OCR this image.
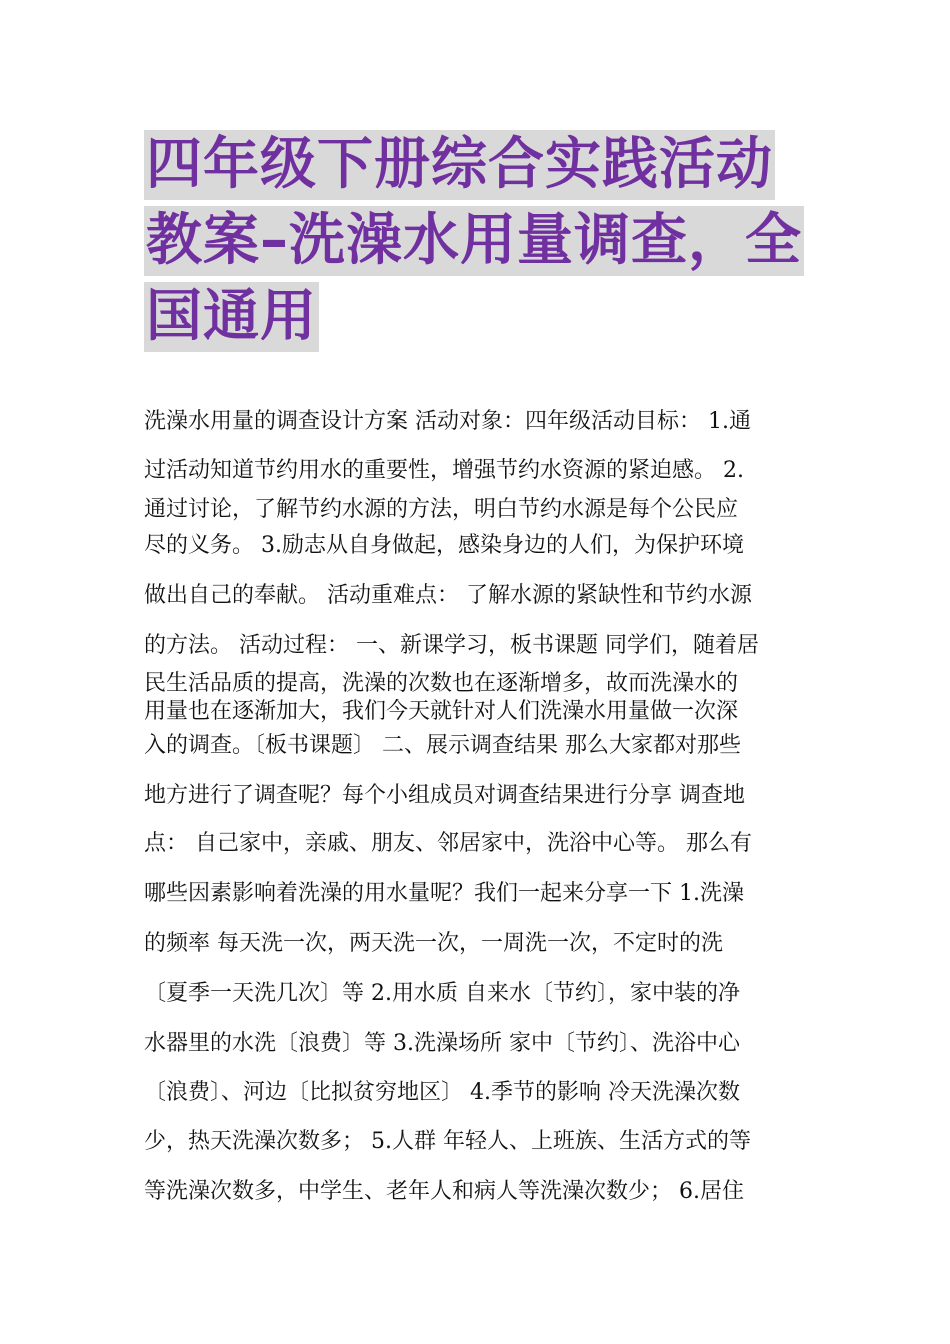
四年级下册综合实践活动
教案–洗澡水用量调查，全
国通用
洗澡水用量的调查设计方案 活动对象：四年级活动目标： 1.通
过活动知道节约用水的重要性，增强节约水资源的紧迫感。 2.
通过讨论，了解节约水源的方法，明白节约水源是每个公民应
尽的义务。 3.励志从自身做起，感染身边的人们，为保护环境
做出自己的奉献。 活动重难点： 了解水源的紧缺性和节约水源
的方法。 活动过程： 一、新课学习，板书课题 同学们，随着居
民生活品质的提高，洗澡的次数也在逐渐增多，故而洗澡水的
用量也在逐渐加大，我们今天就针对人们洗澡水用量做一次深
入的调查。〔板书课题〕 二、展示调查结果 那么大家都对那些
地方进行了调查呢？每个小组成员对调查结果进行分享 调查地
点： 自己家中，亲戚、朋友、邻居家中，洗浴中心等。 那么有
哪些因素影响着洗澡的用水量呢？我们一起来分享一下 1.洗澡
的频率 每天洗一次，两天洗一次，一周洗一次，不定时的洗
〔夏季一天洗几次〕等 2.用水质 自来水〔节约〕，家中装的净
水器里的水洗〔浪费〕等 3.洗澡场所 家中〔节约〕、洗浴中心
〔浪费〕、河边〔比拟贫穷地区〕 4.季节的影响 冷天洗澡次数
少，热天洗澡次数多； 5.人群 年轻人、上班族、生活方式的等
等洗澡次数多，中学生、老年人和病人等洗澡次数少； 6.居住
